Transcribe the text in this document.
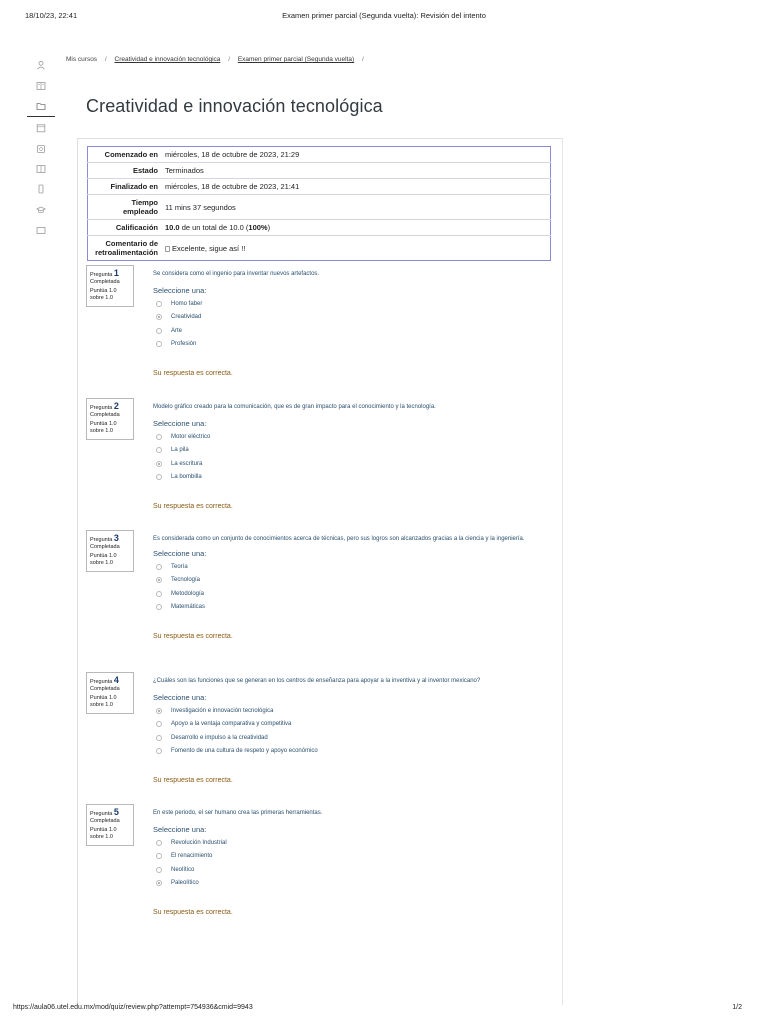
18/10/23, 22:41	Examen primer parcial (Segunda vuelta): Revisión del intento
Mis cursos / Creatividad e innovación tecnológica / Examen primer parcial (Segunda vuelta) /
Creatividad e innovación tecnológica
Comenzado en	miércoles, 18 de octubre de 2023, 21:29
Estado	Terminados
Finalizado en	miércoles, 18 de octubre de 2023, 21:41
Tiempo
empleado	11 mins 37 segundos
Calificación	10.0 de un total de 10.0 (100%)
Comentario de
retroalimentación	Excelente, sigue así !!
Pregunta 1
Completada
Puntúa 1.0
sobre 1.0
Pregunta 2
Completada
Puntúa 1.0
sobre 1.0
Pregunta 3
Completada
Puntúa 1.0
sobre 1.0
Pregunta 4
Completada
Puntúa 1.0
sobre 1.0
Pregunta 5
Completada
Puntúa 1.0
sobre 1.0
Se considera como el ingenio para inventar nuevos artefactos.
Seleccione una:
Homo faber
Creatividad
Arte
Profesión
Su respuesta es correcta.
Modelo gráfico creado para la comunicación, que es de gran impacto para el conocimiento y la tecnología.
Seleccione una:
Motor eléctrico
La pila
La escritura
La bombilla
Su respuesta es correcta.
Es considerada como un conjunto de conocimientos acerca de técnicas, pero sus logros son alcanzados gracias a la ciencia y la ingeniería.
Seleccione una:
Teoría
Tecnología
Metodología
Matemáticas
Su respuesta es correcta.
¿Cuáles son las funciones que se generan en los centros de enseñanza para apoyar a la inventiva y al inventor mexicano?
Seleccione una:
Investigación e innovación tecnológica
Apoyo a la ventaja comparativa y competitiva
Desarrollo e impulso a la creatividad
Fomento de una cultura de respeto y apoyo económico
Su respuesta es correcta.
En este periodo, el ser humano crea las primeras herramientas.
Seleccione una:
Revolución Industrial
El renacimiento
Neolítico
Paleolítico
Su respuesta es correcta.
https://aula06.utel.edu.mx/mod/quiz/review.php?attempt=754936&cmid=9943	1/2
